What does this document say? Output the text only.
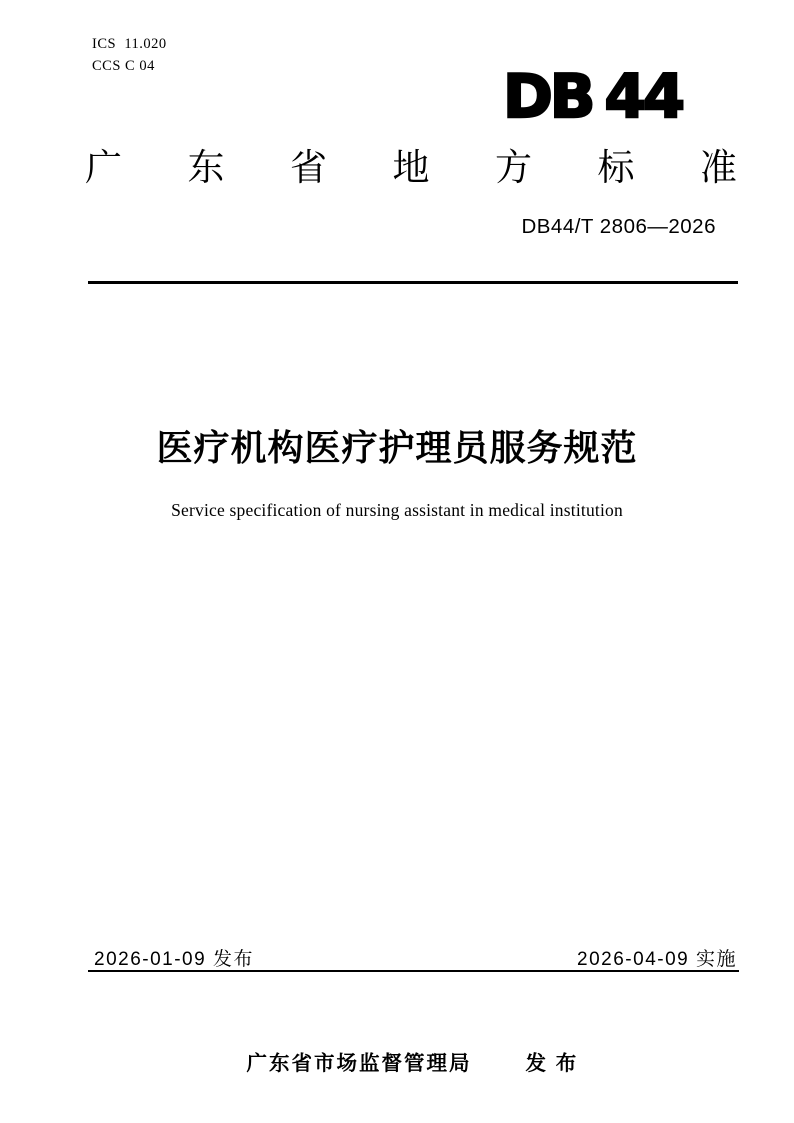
ICS  11.020
CCS C 04	DB 44
广 东 省 地 方 标 准
DB44/T 2806—2026
医疗机构医疗护理员服务规范
Service specification of nursing assistant in medical institution
2026-01-09 发布	2026-04-09 实施

广东省市场监督管理局	发 布
